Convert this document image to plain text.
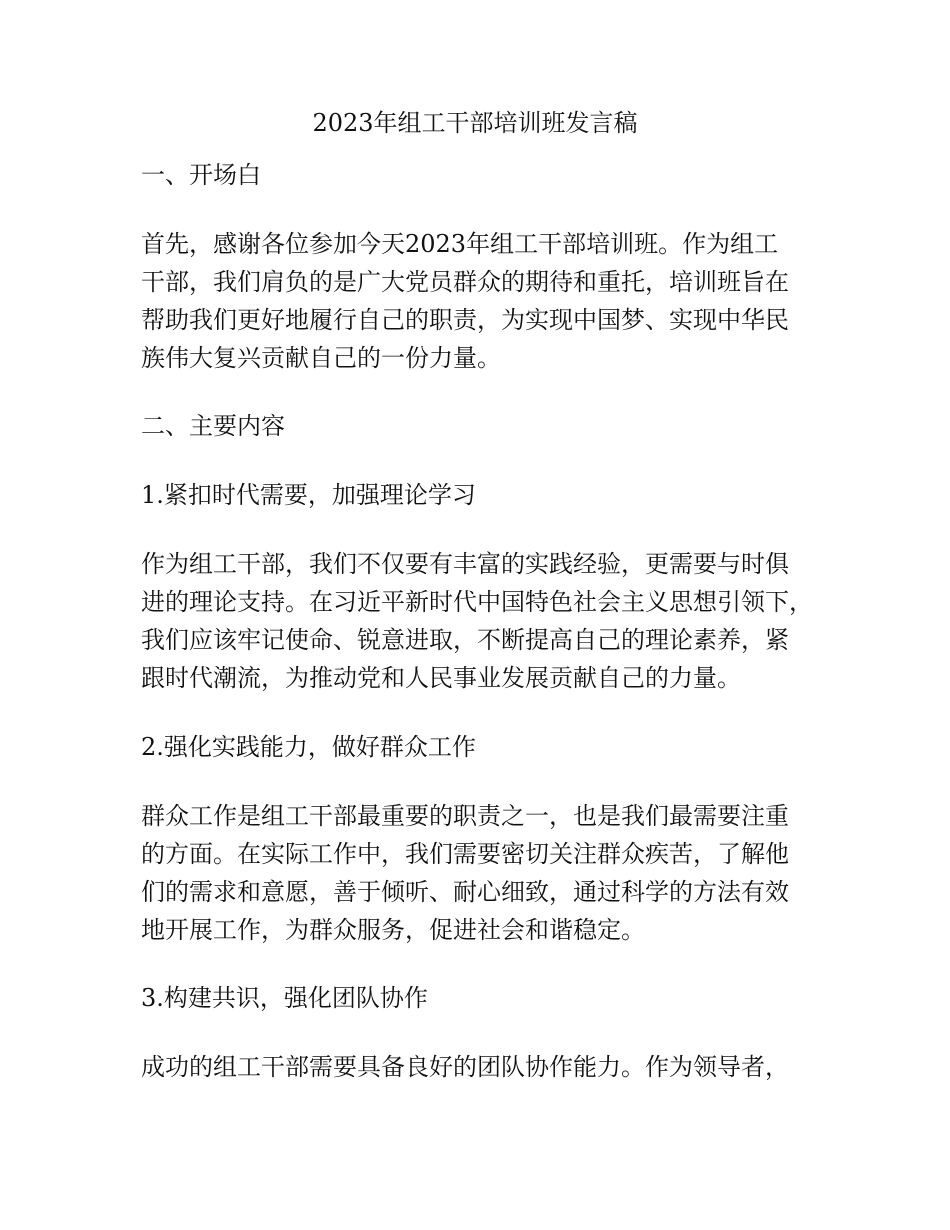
2023年组工干部培训班发言稿
一、开场白
首先，感谢各位参加今天2023年组工干部培训班。作为组工
干部，我们肩负的是广大党员群众的期待和重托，培训班旨在
帮助我们更好地履行自己的职责，为实现中国梦、实现中华民
族伟大复兴贡献自己的一份力量。
二、主要内容
1.紧扣时代需要，加强理论学习
作为组工干部，我们不仅要有丰富的实践经验，更需要与时俱
进的理论支持。在习近平新时代中国特色社会主义思想引领下，
我们应该牢记使命、锐意进取，不断提高自己的理论素养，紧
跟时代潮流，为推动党和人民事业发展贡献自己的力量。
2.强化实践能力，做好群众工作
群众工作是组工干部最重要的职责之一，也是我们最需要注重
的方面。在实际工作中，我们需要密切关注群众疾苦，了解他
们的需求和意愿，善于倾听、耐心细致，通过科学的方法有效
地开展工作，为群众服务，促进社会和谐稳定。
3.构建共识，强化团队协作
成功的组工干部需要具备良好的团队协作能力。作为领导者，
